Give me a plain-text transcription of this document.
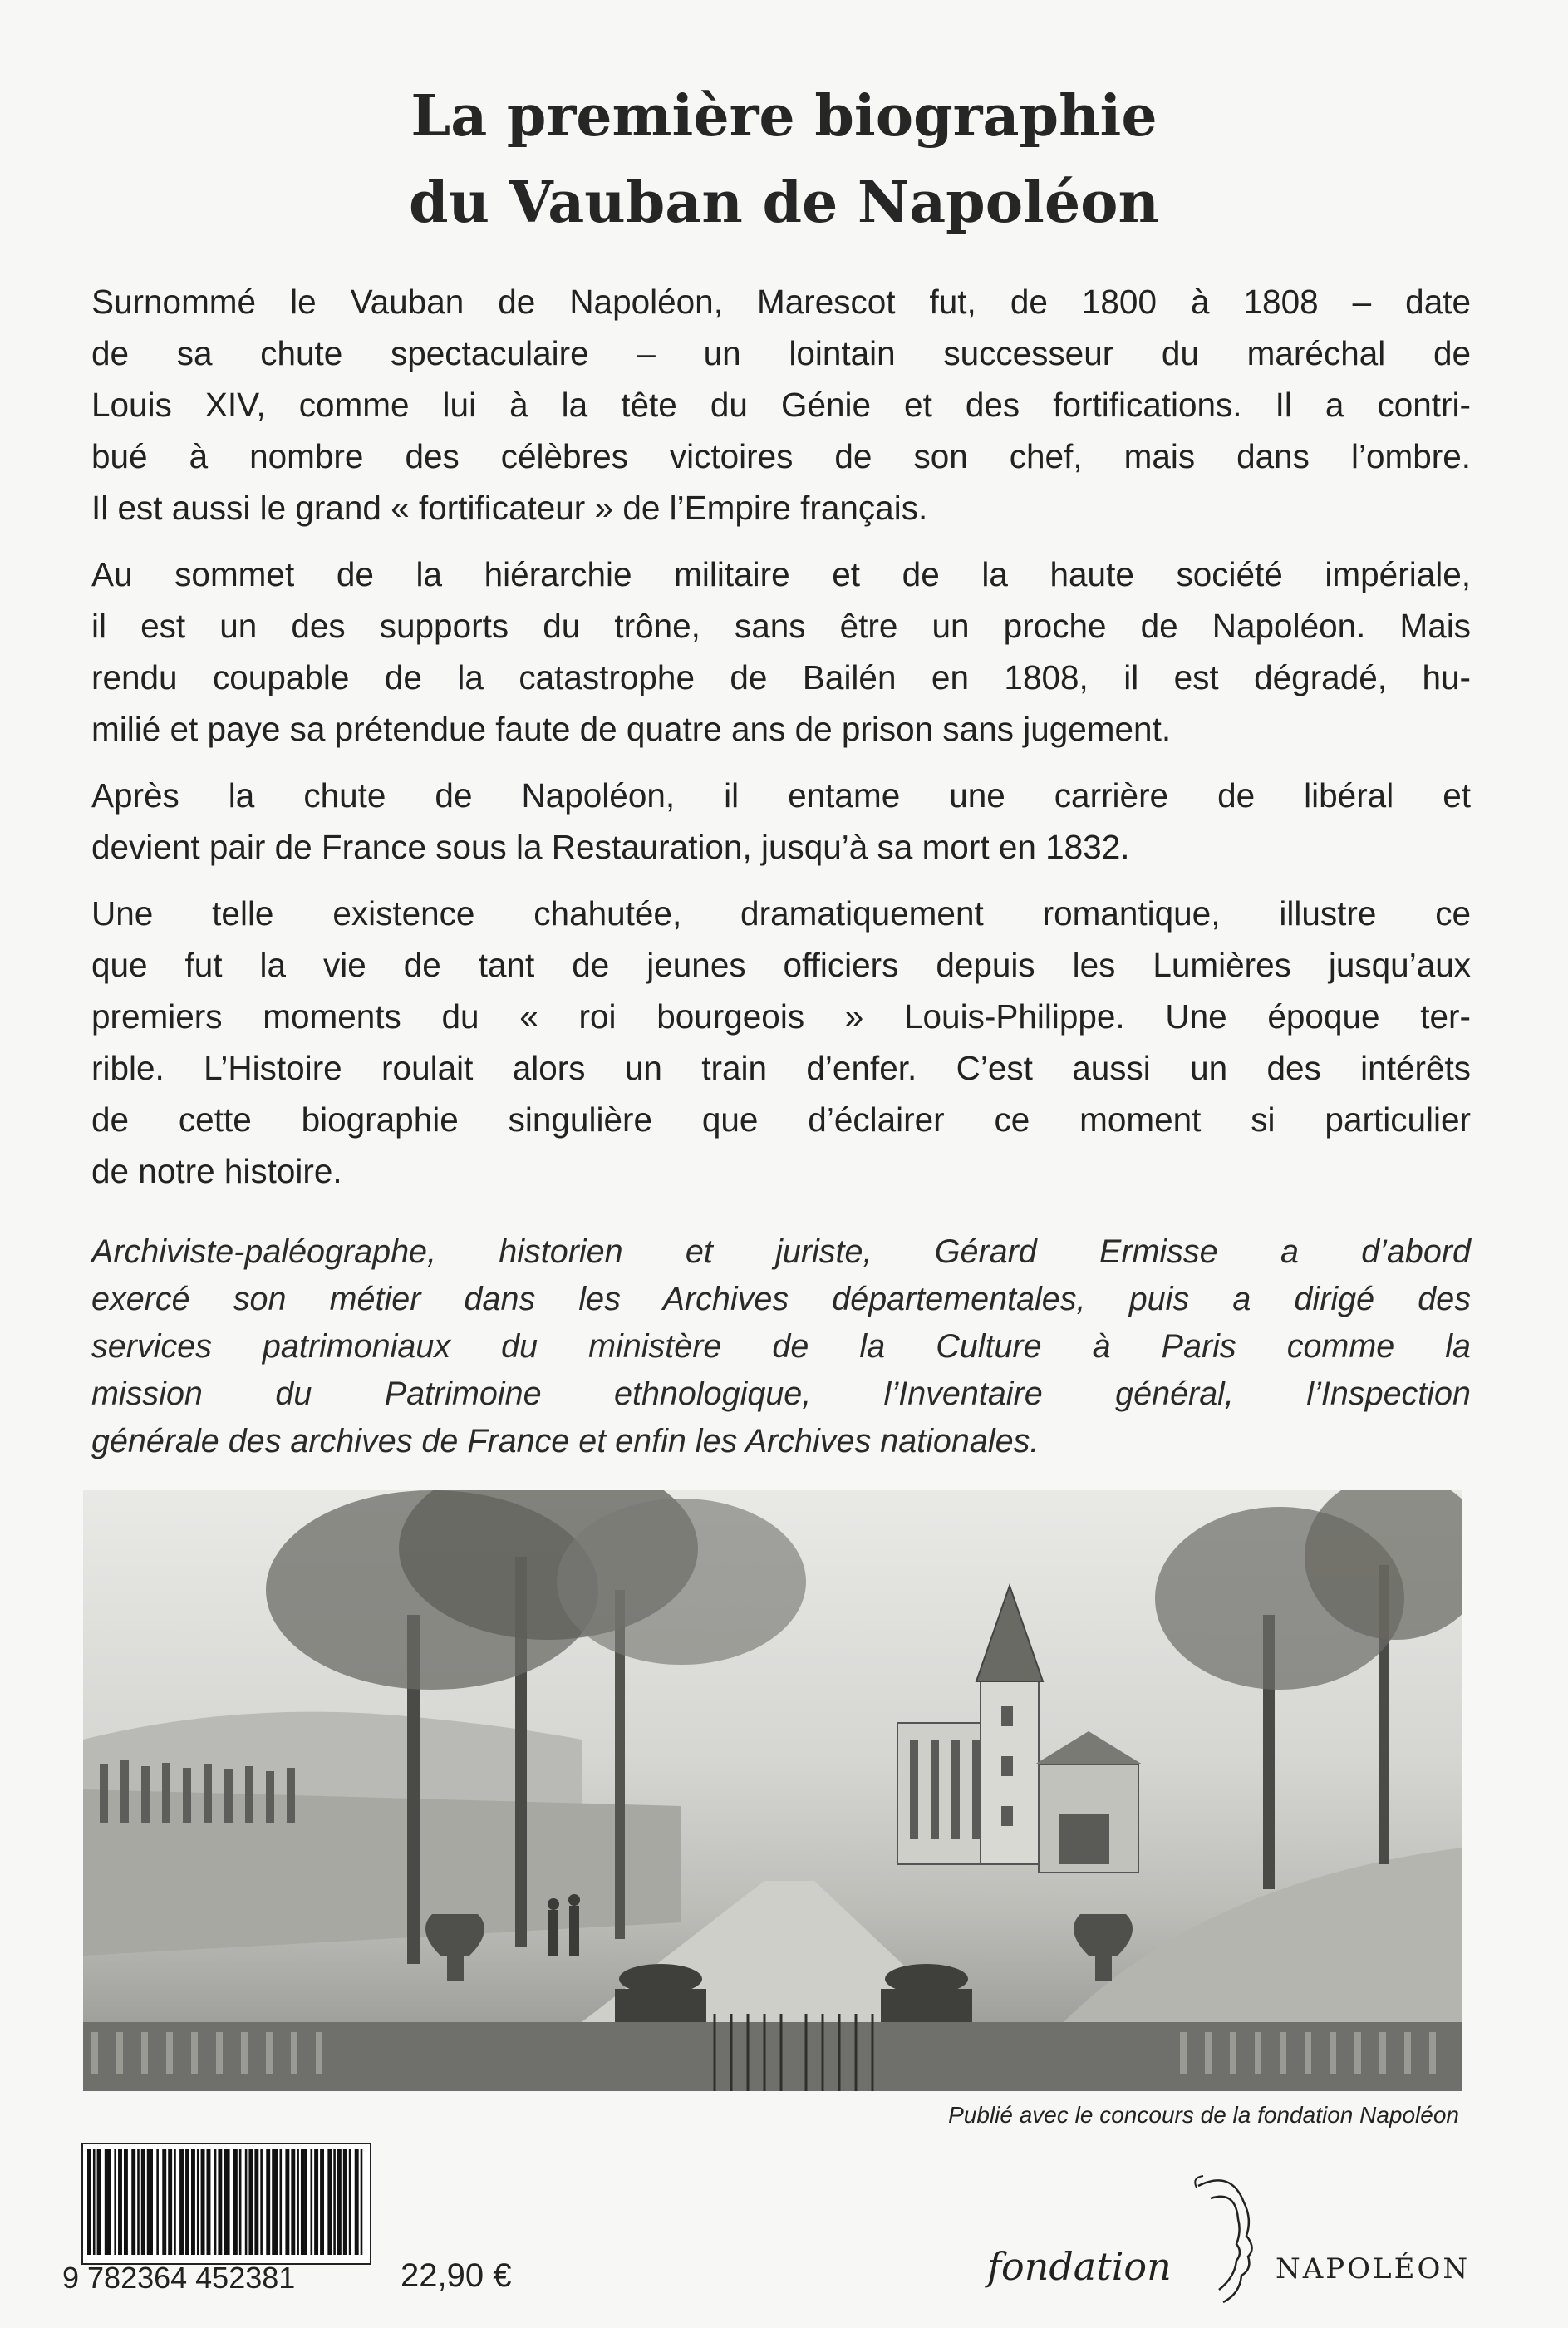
La première biographie
du Vauban de Napoléon
Surnommé le Vauban de Napoléon, Marescot fut, de 1800 à 1808 – date
de sa chute spectaculaire – un lointain successeur du maréchal de
Louis XIV, comme lui à la tête du Génie et des fortifications. Il a contri-
bué à nombre des célèbres victoires de son chef, mais dans l’ombre.
Il est aussi le grand « fortificateur » de l’Empire français.
Au sommet de la hiérarchie militaire et de la haute société impériale,
il est un des supports du trône, sans être un proche de Napoléon. Mais
rendu coupable de la catastrophe de Bailén en 1808, il est dégradé, hu-
milié et paye sa prétendue faute de quatre ans de prison sans jugement.
Après la chute de Napoléon, il entame une carrière de libéral et
devient pair de France sous la Restauration, jusqu’à sa mort en 1832.
Une telle existence chahutée, dramatiquement romantique, illustre ce
que fut la vie de tant de jeunes officiers depuis les Lumières jusqu’aux
premiers moments du « roi bourgeois » Louis-Philippe. Une époque ter-
rible. L’Histoire roulait alors un train d’enfer. C’est aussi un des intérêts
de cette biographie singulière que d’éclairer ce moment si particulier
de notre histoire.
Archiviste-paléographe, historien et juriste, Gérard Ermisse a d’abord
exercé son métier dans les Archives départementales, puis a dirigé des
services patrimoniaux du ministère de la Culture à Paris comme la
mission du Patrimoine ethnologique, l’Inventaire général, l’Inspection
générale des archives de France et enfin les Archives nationales.
Publié avec le concours de la fondation Napoléon
9 782364 452381	22,90 €	fondation	NAPOLÉON
